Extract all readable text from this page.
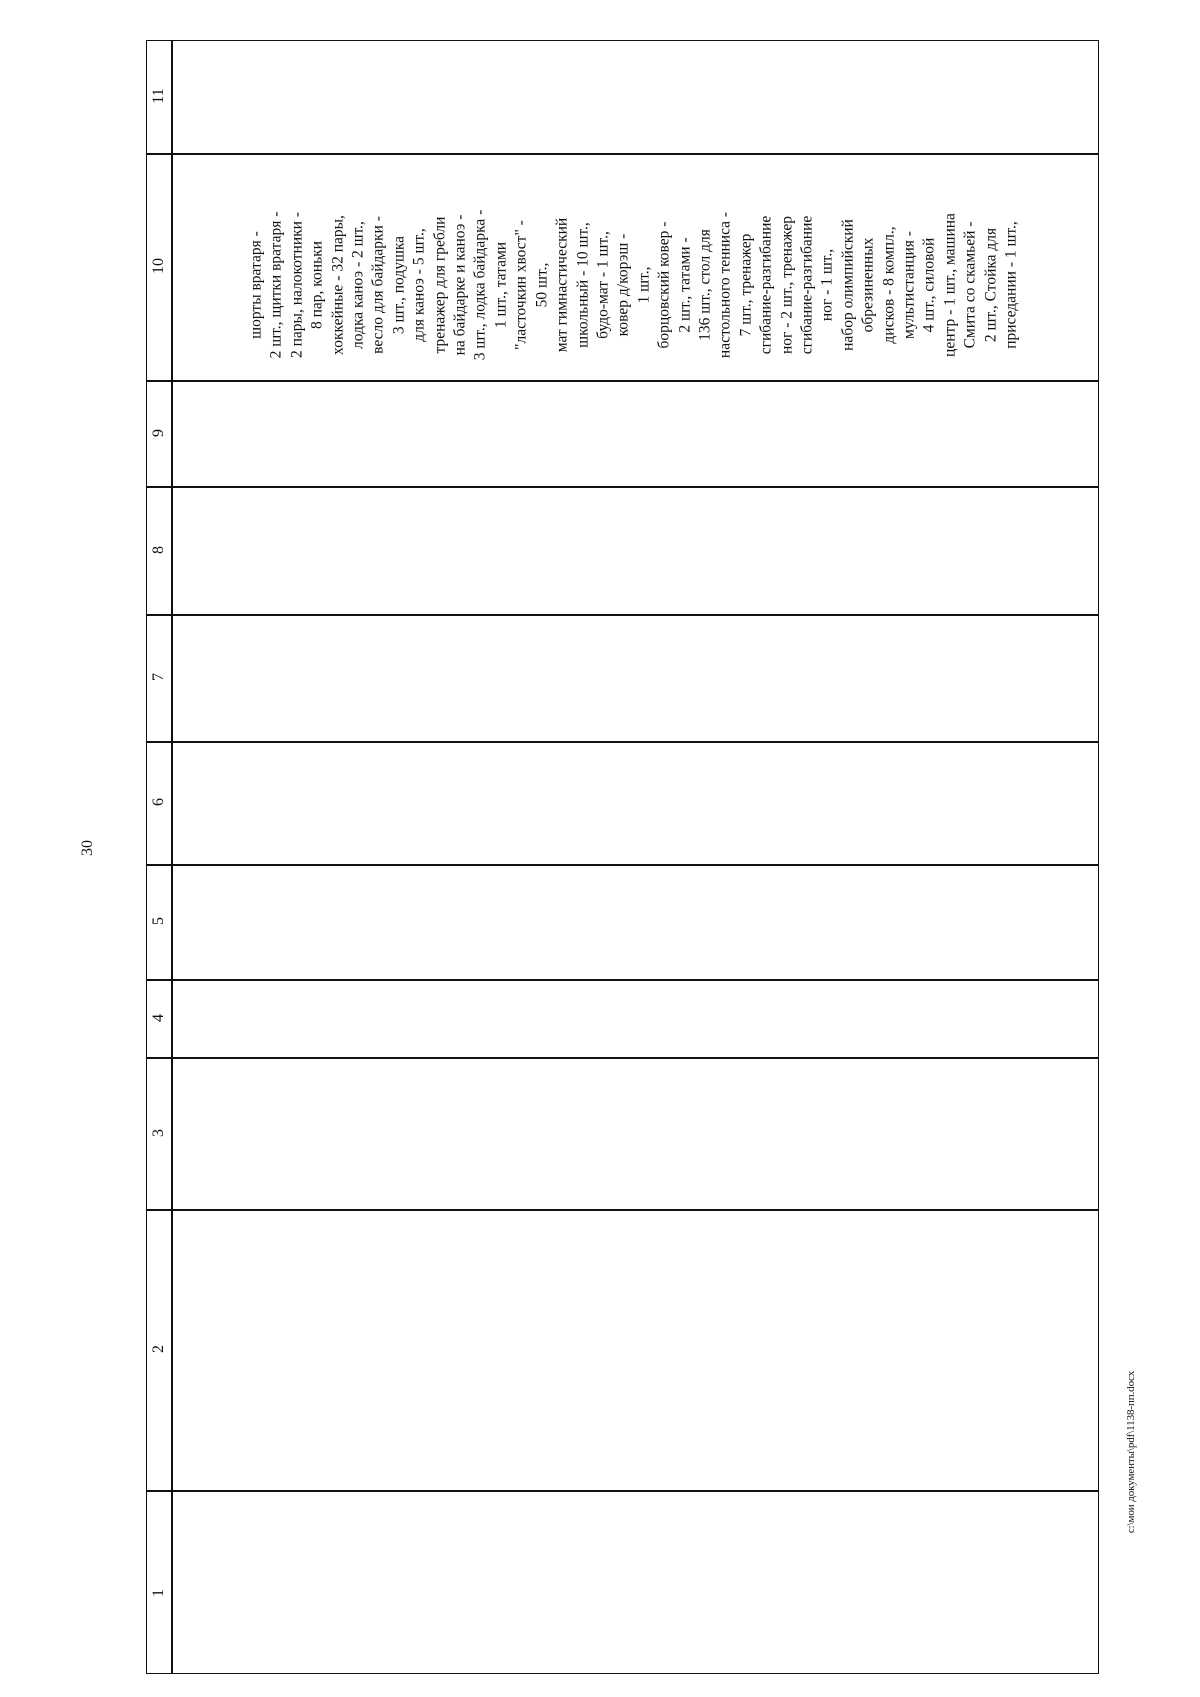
30
1
2
3
4
5
6
7
8
9
10
11
шорты вратаря - 2 шт., щитки вратаря - 2 пары, налокотники - 8 пар, коньки хоккейные - 32 пары, лодка каноэ - 2 шт., весло для байдарки - 3 шт., подушка для каноэ - 5 шт., тренажер для гребли на байдарке и каноэ - 3 шт., лодка байдарка - 1 шт., татами "ласточкин хвост" - 50 шт., мат гимнастический школьный - 10 шт., будо-мат - 1 шт., ковер д/корэш - 1 шт., борцовский ковер - 2 шт., татами - 136 шт., стол для настольного тенниса - 7 шт., тренажер сгибание-разгибание ног - 2 шт., тренажер сгибание-разгибание ног - 1 шт., набор олимпийский обрезиненных дисков - 8 компл., мультистанция - 4 шт., силовой центр - 1 шт., машина Смита со скамьей - 2 шт., Стойка для приседании - 1 шт.,
c:\мои документы\pdf\1138-пп.docx
